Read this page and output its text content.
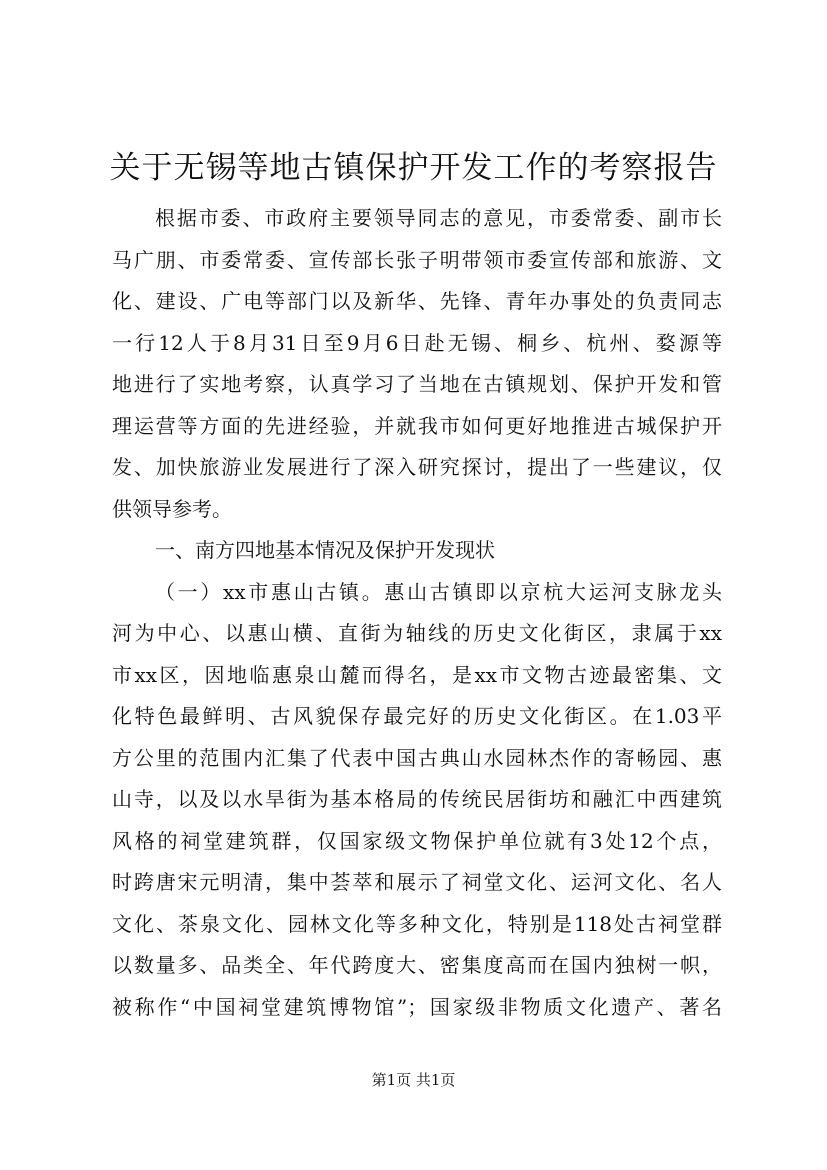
关于无锡等地古镇保护开发工作的考察报告
根据市委、市政府主要领导同志的意见，市委常委、副市长
马广朋、市委常委、宣传部长张子明带领市委宣传部和旅游、文
化、建设、广电等部门以及新华、先锋、青年办事处的负责同志
一行12人于8月31日至9月6日赴无锡、桐乡、杭州、婺源等
地进行了实地考察，认真学习了当地在古镇规划、保护开发和管
理运营等方面的先进经验，并就我市如何更好地推进古城保护开
发、加快旅游业发展进行了深入研究探讨，提出了一些建议，仅
供领导参考。
一、南方四地基本情况及保护开发现状
（一）xx市惠山古镇。惠山古镇即以京杭大运河支脉龙头
河为中心、以惠山横、直街为轴线的历史文化街区，隶属于xx
市xx区，因地临惠泉山麓而得名，是xx市文物古迹最密集、文
化特色最鲜明、古风貌保存最完好的历史文化街区。在1.03平
方公里的范围内汇集了代表中国古典山水园林杰作的寄畅园、惠
山寺，以及以水旱街为基本格局的传统民居街坊和融汇中西建筑
风格的祠堂建筑群，仅国家级文物保护单位就有3处12个点，
时跨唐宋元明清，集中荟萃和展示了祠堂文化、运河文化、名人
文化、茶泉文化、园林文化等多种文化，特别是118处古祠堂群
以数量多、品类全、年代跨度大、密集度高而在国内独树一帜，
被称作“中国祠堂建筑博物馆”；国家级非物质文化遗产、著名
第1页 共1页
